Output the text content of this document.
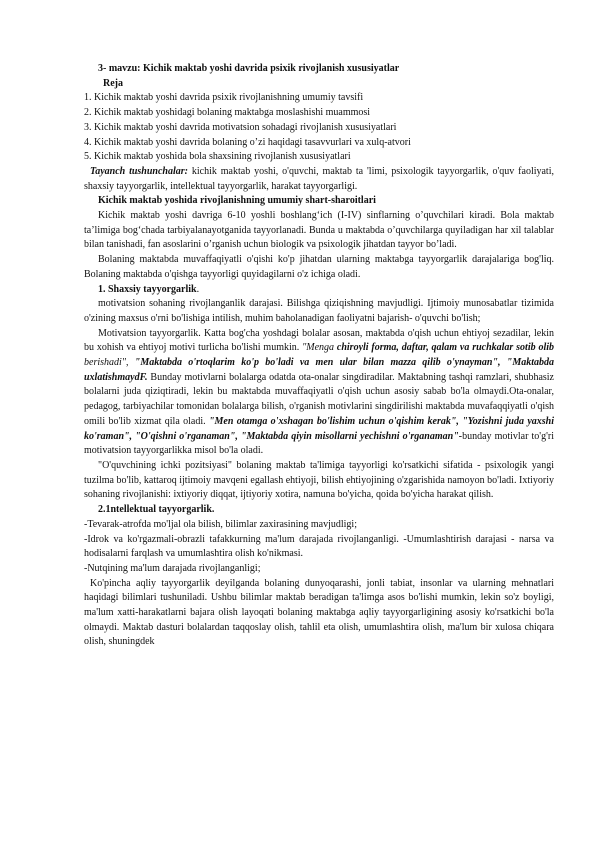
3- mavzu: Kichik maktab yoshi davrida psixik rivojlanish xususiyatlar

Reja

1. Kichik maktab yoshi davrida psixik rivojlanishning umumiy tavsifi
2. Kichik maktab yoshidagi bolaning maktabga moslashishi muammosi
3. Kichik maktab yoshi davrida motivatsion sohadagi rivojlanish xususiyatlari
4. Kichik maktab yoshi davrida bolaning o’zi haqidagi tasavvurlari va xulq-atvori
5. Kichik maktab yoshida bola shaxsining rivojlanish xususiyatlari

Tayanch tushunchalar: kichik maktab yoshi, o'quvchi, maktab ta 'limi, psixologik tayyorgarlik, o'quv faoliyati, shaxsiy tayyorgarlik, intellektual tayyorgarlik, harakat tayyorgarligi.

Kichik maktab yoshida rivojlanishning umumiy shart-sharoitlari

Kichik maktab yoshi davriga 6-10 yoshli boshlang‘ich (I-IV) sinflarning o’quvchilari kiradi. Bola maktab ta’limiga bog‘chada tarbiyalanayotganida tayyorlanadi. Bunda u maktabda o’quvchilarga quyiladigan har xil talablar bilan tanishadi, fan asoslarini o’rganish uchun biologik va psixologik jihatdan tayyor bo’ladi.

Bolaning maktabda muvaffaqiyatli o'qishi ko'p jihatdan ularning maktabga tayyorgarlik darajalariga bog'liq. Bolaning maktabda o'qishga tayyorligi quyidagilarni o'z ichiga oladi.

1. Shaxsiy tayyorgarlik.

motivatsion sohaning rivojlanganlik darajasi. Bilishga qiziqishning mavjudligi. Ijtimoiy munosabatlar tizimida o'zining maxsus o'rni bo'lishiga intilish, muhim baholanadigan faoliyatni bajarish- o'quvchi bo'lish;

Motivatsion tayyorgarlik. Katta bog'cha yoshdagi bolalar asosan, maktabda o'qish uchun ehtiyoj sezadilar, lekin bu xohish va ehtiyoj motivi turlicha bo'lishi mumkin. "Menga chiroyli forma, daftar, qalam va ruchkalar sotib olib berishadi", "Maktabda o'rtoqlarim ko'p bo'ladi va men ular bilan mazza qilib o'ynayman", "Maktabda uxlatishmaydF. Bunday motivlarni bolalarga odatda ota-onalar singdiradilar. Maktabning tashqi ramzlari, shubhasiz bolalarni juda qiziqtiradi, lekin bu maktabda muvaffaqiyatli o'qish uchun asosiy sabab bo'la olmaydi.Ota-onalar, pedagog, tarbiyachilar tomonidan bolalarga bilish, o'rganish motivlarini singdirilishi maktabda muvafaqqiyatli o'qish omili bo'lib xizmat qila oladi. "Men otamga o'xshagan bo'lishim uchun o'qishim kerak", "Yozishni juda yaxshi ko'raman", "O'qishni o'rganaman", "Maktabda qiyin misollarni yechishni o'rganaman"-bunday motivlar to'g'ri motivatsion tayyorgarlikka misol bo'la oladi.

"O'quvchining ichki pozitsiyasi" bolaning maktab ta'limiga tayyorligi ko'rsatkichi sifatida - psixologik yangi tuzilma bo'lib, kattaroq ijtimoiy mavqeni egallash ehtiyoji, bilish ehtiyojining o'zgarishida namoyon bo'ladi. Ixtiyoriy sohaning rivojlanishi: ixtiyoriy diqqat, ijtiyoriy xotira, namuna bo'yicha, qoida bo'yicha harakat qilish.

2.1ntellektual tayyorgarlik.

-Tevarak-atrofda mo'ljal ola bilish, bilimlar zaxirasining mavjudligi;

-Idrok va ko'rgazmali-obrazli tafakkurning ma'lum darajada rivojlanganligi. -Umumlashtirish darajasi - narsa va hodisalarni farqlash va umumlashtira olish ko'nikmasi.

-Nutqining ma'lum darajada rivojlanganligi;

Ko'pincha aqliy tayyorgarlik deyilganda bolaning dunyoqarashi, jonli tabiat, insonlar va ularning mehnatlari haqidagi bilimlari tushuniladi. Ushbu bilimlar maktab beradigan ta'limga asos bo'lishi mumkin, lekin so'z boyligi, ma'lum xatti-harakatlarni bajara olish layoqati bolaning maktabga aqliy tayyorgarligining asosiy ko'rsatkichi bo'la olmaydi. Maktab dasturi bolalardan taqqoslay olish, tahlil eta olish, umumlashtira olish, ma'lum bir xulosa chiqara olish, shuningdek
